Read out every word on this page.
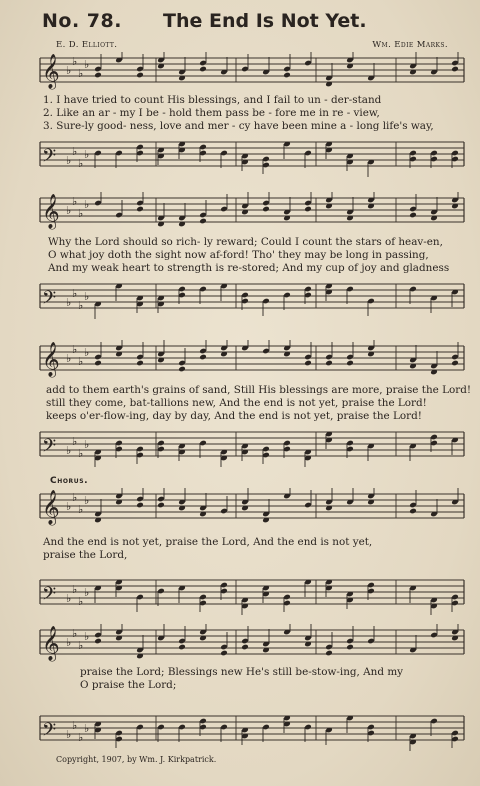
No. 78. The End Is Not Yet.
E. D. Elliott.	Wm. Edie Marks.
𝄞 ♭
♭
♭
♭
1. I have tried to count His blessings, and I fail to un - der-stand
2. Like an ar - my I be - hold them pass be - fore me in re - view,
3. Sure-ly good- ness, love and mer - cy have been mine a - long life's way,
𝄢 ♭
♭
♭
♭
𝄞 ♭
♭
♭
♭
Why the Lord should so rich- ly reward; Could I count the stars of heav-en,
O what joy doth the sight now af-ford! Tho' they may be long in passing,
And my weak heart to strength is re-stored; And my cup of joy and gladness
𝄢 ♭
♭
♭
♭
𝄞 ♭
♭
♭
♭
add to them earth's grains of sand, Still His blessings are more, praise the Lord!
still they come, bat-tallions new, And the end is not yet, praise the Lord!
keeps o'er-flow-ing, day by day, And the end is not yet, praise the Lord!
𝄢 ♭
♭
♭
♭
Chorus.
𝄞 ♭
♭
♭
♭
And the end is not yet, praise the Lord, And the end is not yet,
praise the Lord,
𝄢 ♭
♭
♭
♭
𝄞 ♭
♭
♭
♭
praise the Lord; Blessings new He's still be-stow-ing, And my
O praise the Lord;
𝄢 ♭
♭
♭
♭
Copyright, 1907, by Wm. J. Kirkpatrick.
